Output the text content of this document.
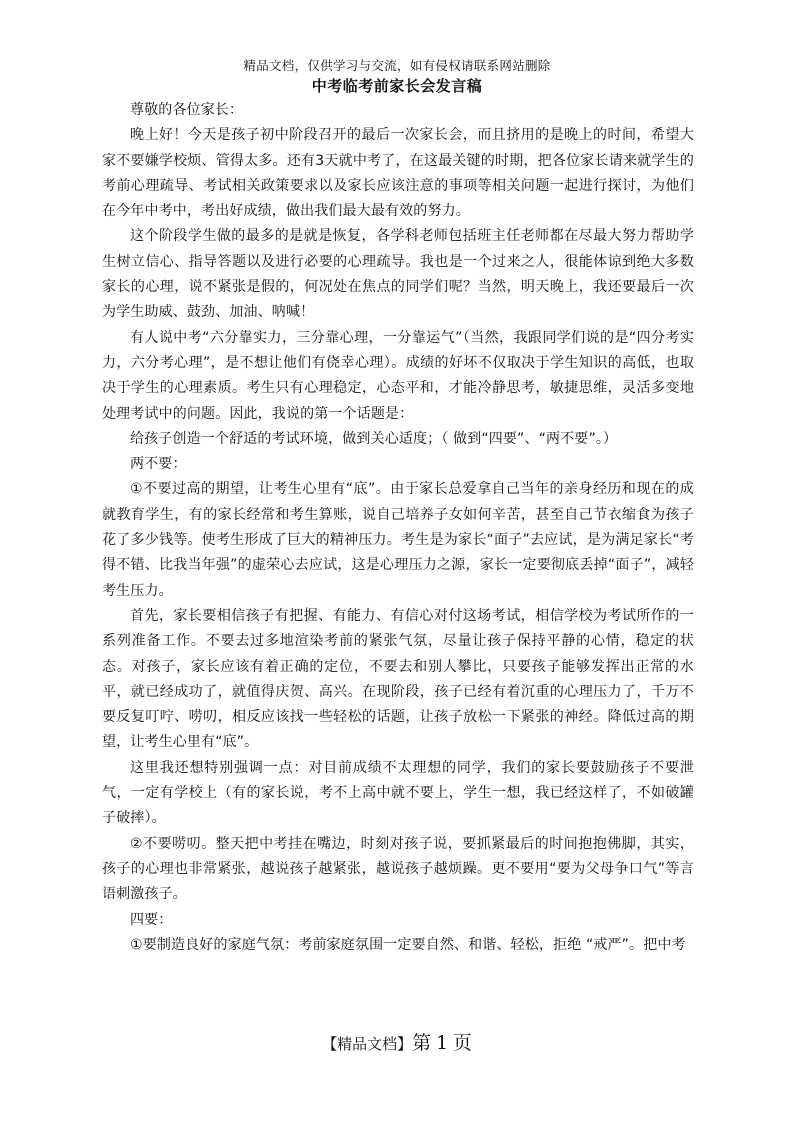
精品文档，仅供学习与交流，如有侵权请联系网站删除
中考临考前家长会发言稿

尊敬的各位家长：

晚上好！今天是孩子初中阶段召开的最后一次家长会，而且挤用的是晚上的时间，希望大家不要嫌学校烦、管得太多。还有3天就中考了，在这最关键的时期，把各位家长请来就学生的考前心理疏导、考试相关政策要求以及家长应该注意的事项等相关问题一起进行探讨，为他们在今年中考中，考出好成绩，做出我们最大最有效的努力。

这个阶段学生做的最多的是就是恢复，各学科老师包括班主任老师都在尽最大努力帮助学生树立信心、指导答题以及进行必要的心理疏导。我也是一个过来之人，很能体谅到绝大多数家长的心理，说不紧张是假的，何况处在焦点的同学们呢？当然，明天晚上，我还要最后一次为学生助威、鼓劲、加油、呐喊！

有人说中考“六分靠实力，三分靠心理，一分靠运气”（当然，我跟同学们说的是“四分考实力，六分考心理”，是不想让他们有侥幸心理）。成绩的好坏不仅取决于学生知识的高低，也取决于学生的心理素质。考生只有心理稳定，心态平和，才能冷静思考，敏捷思维，灵活多变地处理考试中的问题。因此，我说的第一个话题是：

给孩子创造一个舒适的考试环境，做到关心适度；（ 做到“四要”、“两不要”。）

两不要：

①不要过高的期望，让考生心里有“底”。由于家长总爱拿自己当年的亲身经历和现在的成就教育学生，有的家长经常和考生算账，说自己培养子女如何辛苦，甚至自己节衣缩食为孩子花了多少钱等。使考生形成了巨大的精神压力。考生是为家长“面子”去应试，是为满足家长“考得不错、比我当年强”的虚荣心去应试，这是心理压力之源，家长一定要彻底丢掉“面子”，减轻考生压力。

首先，家长要相信孩子有把握、有能力、有信心对付这场考试，相信学校为考试所作的一系列准备工作。不要去过多地渲染考前的紧张气氛，尽量让孩子保持平静的心情，稳定的状态。对孩子，家长应该有着正确的定位，不要去和别人攀比，只要孩子能够发挥出正常的水平，就已经成功了，就值得庆贺、高兴。在现阶段，孩子已经有着沉重的心理压力了，千万不要反复叮咛、唠叨，相反应该找一些轻松的话题，让孩子放松一下紧张的神经。降低过高的期望，让考生心里有“底”。

这里我还想特别强调一点：对目前成绩不太理想的同学，我们的家长要鼓励孩子不要泄气，一定有学校上（有的家长说，考不上高中就不要上，学生一想，我已经这样了，不如破罐子破摔）。

②不要唠叨。整天把中考挂在嘴边，时刻对孩子说，要抓紧最后的时间抱抱佛脚，其实，孩子的心理也非常紧张，越说孩子越紧张，越说孩子越烦躁。更不要用“要为父母争口气”等言语刺激孩子。

四要：

①要制造良好的家庭气氛：考前家庭氛围一定要自然、和谐、轻松，拒绝 “戒严”。把中考

【精品文档】第 1 页
